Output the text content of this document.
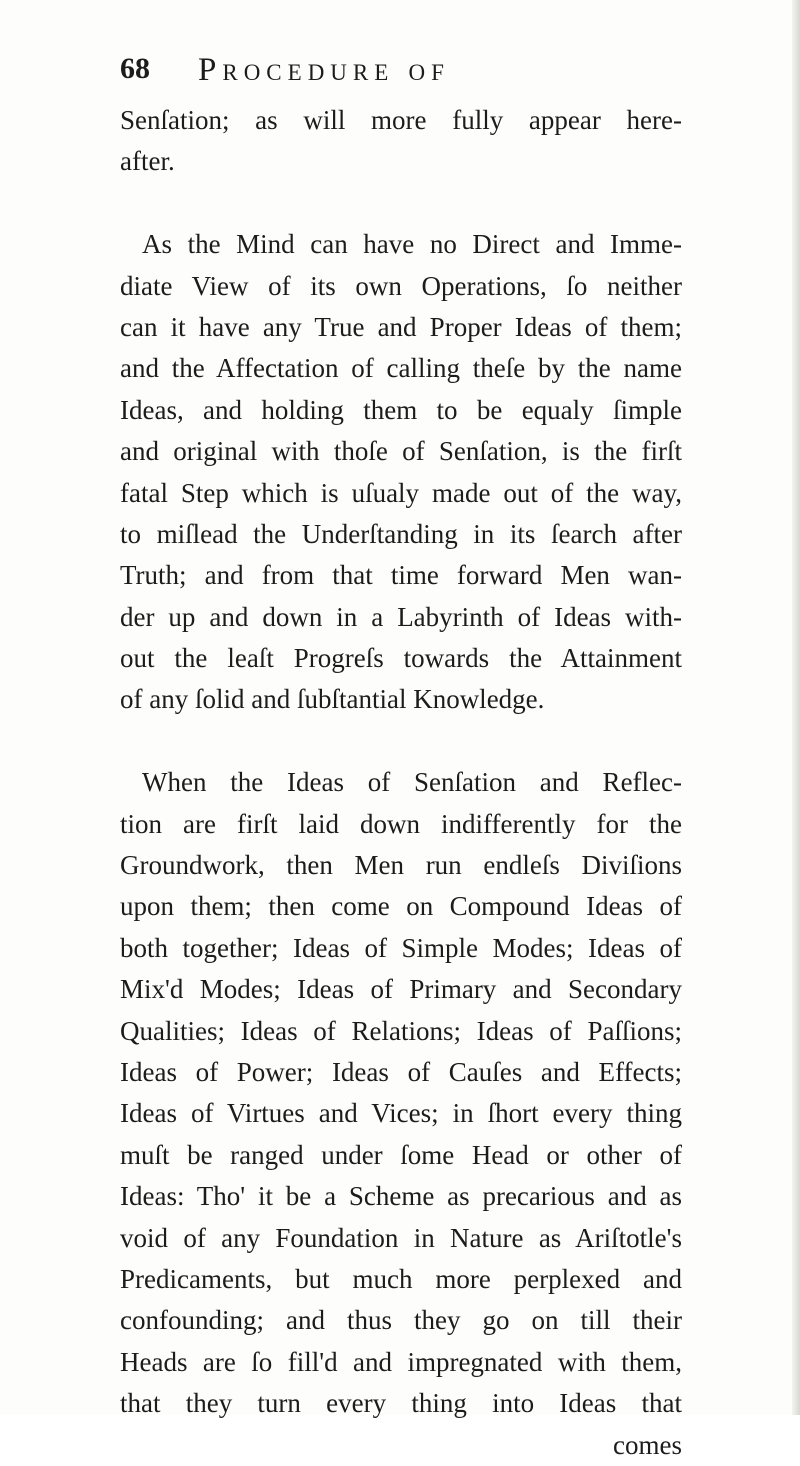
68 Procedure of
Senſation; as will more fully appear here-
after.
As the Mind can have no Direct and Imme-
diate View of its own Operations, ſo neither
can it have any True and Proper Ideas of them;
and the Affectation of calling theſe by the name
Ideas, and holding them to be equaly ſimple
and original with thoſe of Senſation, is the firſt
fatal Step which is uſualy made out of the way,
to miſlead the Underſtanding in its ſearch after
Truth; and from that time forward Men wan-
der up and down in a Labyrinth of Ideas with-
out the leaſt Progreſs towards the Attainment
of any ſolid and ſubſtantial Knowledge.
When the Ideas of Senſation and Reflec-
tion are firſt laid down indifferently for the
Groundwork, then Men run endleſs Diviſions
upon them; then come on Compound Ideas of
both together; Ideas of Simple Modes; Ideas of
Mix'd Modes; Ideas of Primary and Secondary
Qualities; Ideas of Relations; Ideas of Paſſions;
Ideas of Power; Ideas of Cauſes and Effects;
Ideas of Virtues and Vices; in ſhort every thing
muſt be ranged under ſome Head or other of
Ideas: Tho' it be a Scheme as precarious and as
void of any Foundation in Nature as Ariſtotle's
Predicaments, but much more perplexed and
confounding; and thus they go on till their
Heads are ſo fill'd and impregnated with them,
that they turn every thing into Ideas that
comes
